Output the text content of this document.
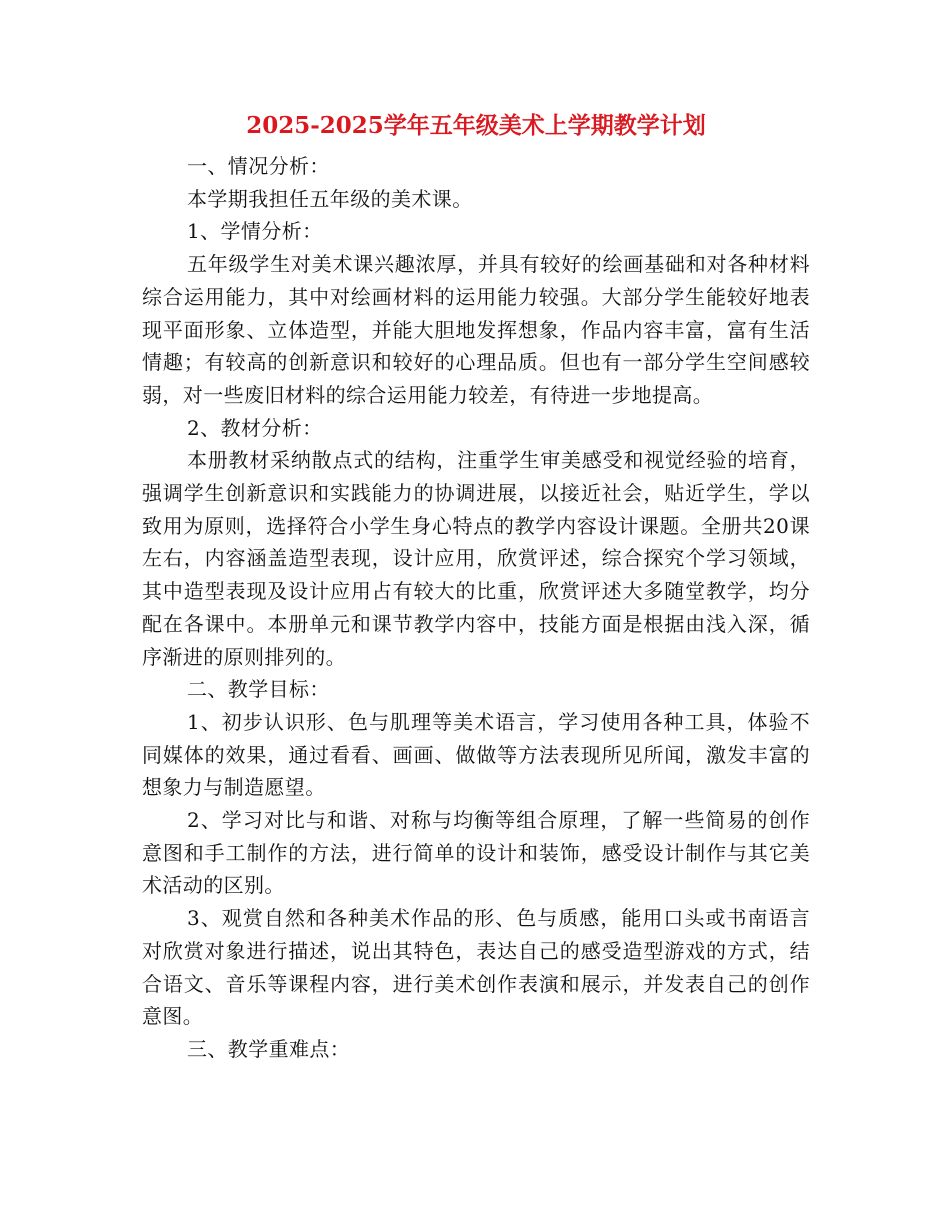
2025-2025学年五年级美术上学期教学计划

一、情况分析：

本学期我担任五年级的美术课。

1、学情分析：

五年级学生对美术课兴趣浓厚，并具有较好的绘画基础和对各种材料综合运用能力，其中对绘画材料的运用能力较强。大部分学生能较好地表现平面形象、立体造型，并能大胆地发挥想象，作品内容丰富，富有生活情趣；有较高的创新意识和较好的心理品质。但也有一部分学生空间感较弱，对一些废旧材料的综合运用能力较差，有待进一步地提高。

2、教材分析：

本册教材采纳散点式的结构，注重学生审美感受和视觉经验的培育，强调学生创新意识和实践能力的协调进展，以接近社会，贴近学生，学以致用为原则，选择符合小学生身心特点的教学内容设计课题。全册共20课左右，内容涵盖造型表现，设计应用，欣赏评述，综合探究个学习领域，其中造型表现及设计应用占有较大的比重，欣赏评述大多随堂教学，均分配在各课中。本册单元和课节教学内容中，技能方面是根据由浅入深，循序渐进的原则排列的。

二、教学目标：

1、初步认识形、色与肌理等美术语言，学习使用各种工具，体验不同媒体的效果，通过看看、画画、做做等方法表现所见所闻，激发丰富的想象力与制造愿望。

2、学习对比与和谐、对称与均衡等组合原理，了解一些简易的创作意图和手工制作的方法，进行简单的设计和装饰，感受设计制作与其它美术活动的区别。

3、观赏自然和各种美术作品的形、色与质感，能用口头或书南语言对欣赏对象进行描述，说出其特色，表达自己的感受造型游戏的方式，结合语文、音乐等课程内容，进行美术创作表演和展示，并发表自己的创作意图。

三、教学重难点：
